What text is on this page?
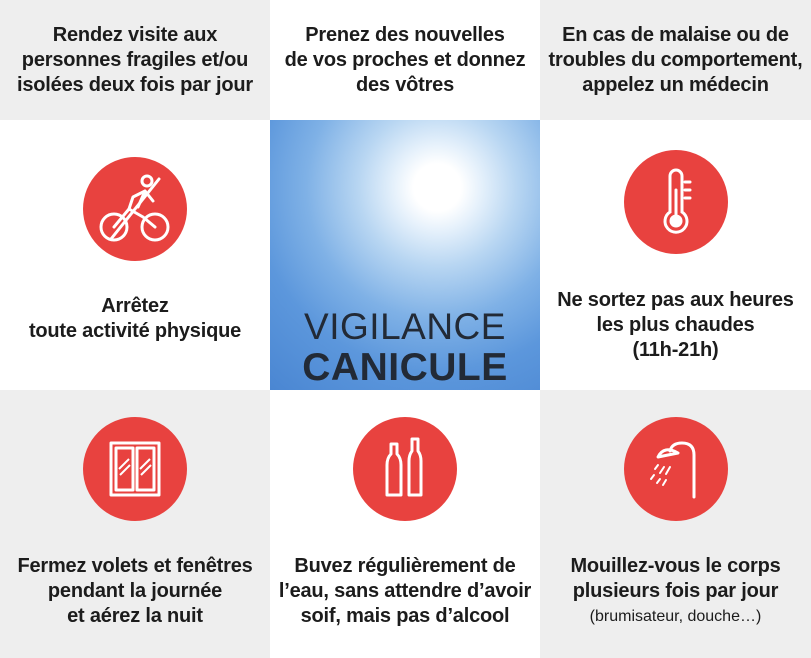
Rendez visite aux
personnes fragiles et/ou
isolées deux fois par jour
Prenez des nouvelles
de vos proches et donnez
des vôtres
En cas de malaise ou de
troubles du comportement,
appelez un médecin
Arrêtez
toute activité physique	VIGILANCE
CANICULE
Ne sortez pas aux heures
les plus chaudes
(11h-21h)
Fermez volets et fenêtres
pendant la journée
et aérez la nuit
Buvez régulièrement de
l’eau, sans attendre d’avoir
soif, mais pas d’alcool
Mouillez-vous le corps
plusieurs fois par jour
(brumisateur, douche…)
